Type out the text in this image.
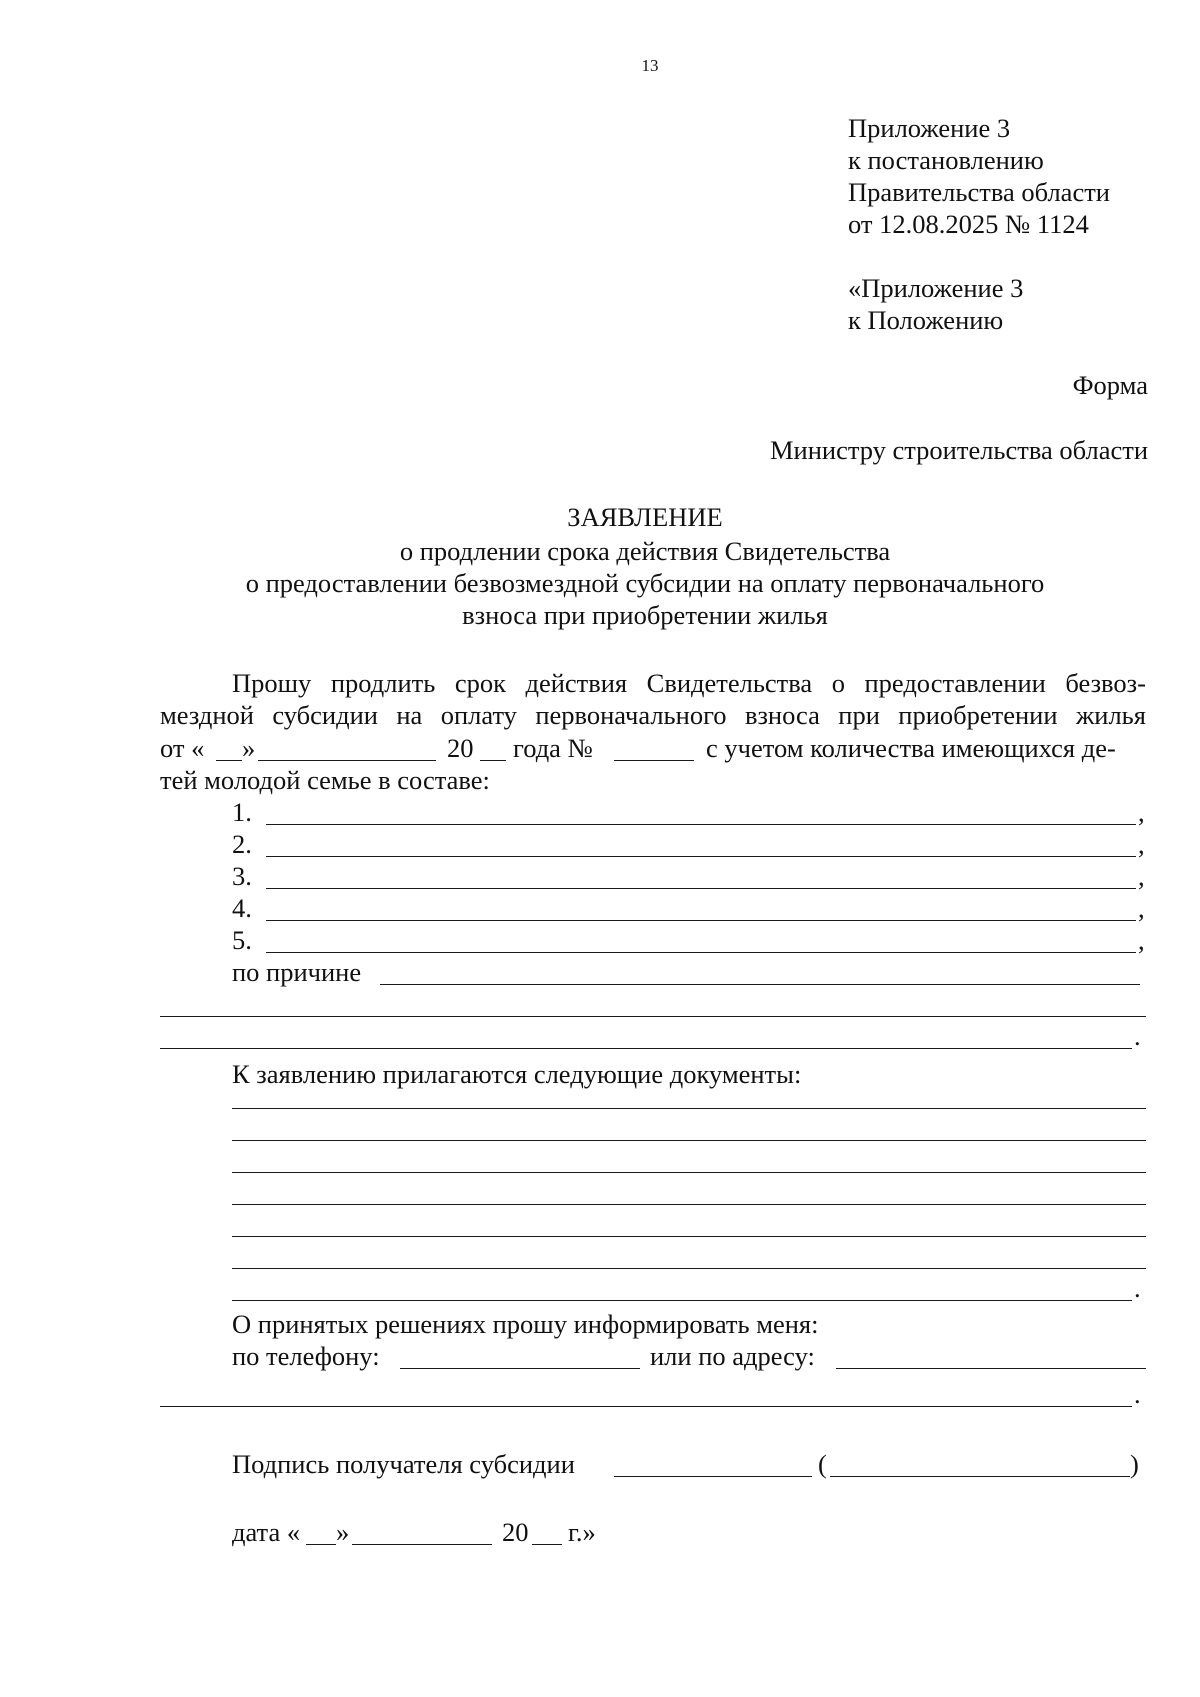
13
Приложение 3
к постановлению
Правительства области
от 12.08.2025 № 1124
«Приложение 3
к Положению
Форма
Министру строительства области
ЗАЯВЛЕНИЕ
о продлении срока действия Свидетельства
о предоставлении безвозмездной субсидии на оплату первоначального
взноса при приобретении жилья
Прошу продлить срок действия Свидетельства о предоставлении безвоз-
мездной субсидии на оплату первоначального взноса при приобретении жилья
от « »	20 года №	с учетом количества имеющихся де-
тей молодой семье в составе:
1.	,
2.	,
3.	,
4.	,
5.	,
по причине
.
К заявлению прилагаются следующие документы:
.
О принятых решениях прошу информировать меня:
по телефону:	или по адресу:
.
Подпись получателя субсидии	(	)
дата « »	20 г.»
